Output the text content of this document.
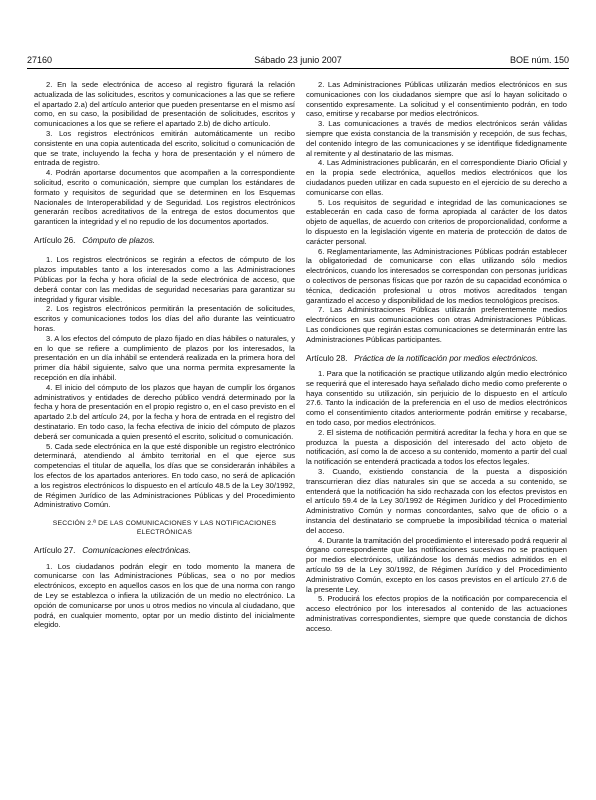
27160	Sábado 23 junio 2007	BOE núm. 150

2. En la sede electrónica de acceso al registro figurará la relación actualizada de las solicitudes, escritos y comunicaciones a las que se refiere el apartado 2.a) del artículo anterior que pueden presentarse en el mismo así como, en su caso, la posibilidad de presentación de solicitudes, escritos y comunicaciones a los que se refiere el apartado 2.b) de dicho artículo.

3. Los registros electrónicos emitirán automáticamente un recibo consistente en una copia autenticada del escrito, solicitud o comunicación de que se trate, incluyendo la fecha y hora de presentación y el número de entrada de registro.

4. Podrán aportarse documentos que acompañen a la correspondiente solicitud, escrito o comunicación, siempre que cumplan los estándares de formato y requisitos de seguridad que se determinen en los Esquemas Nacionales de Interoperabilidad y de Seguridad. Los registros electrónicos generarán recibos acreditativos de la entrega de estos documentos que garanticen la integridad y el no repudio de los documentos aportados.

Artículo 26. Cómputo de plazos.

1. Los registros electrónicos se regirán a efectos de cómputo de los plazos imputables tanto a los interesados como a las Administraciones Públicas por la fecha y hora oficial de la sede electrónica de acceso, que deberá contar con las medidas de seguridad necesarias para garantizar su integridad y figurar visible.

2. Los registros electrónicos permitirán la presentación de solicitudes, escritos y comunicaciones todos los días del año durante las veinticuatro horas.

3. A los efectos del cómputo de plazo fijado en días hábiles o naturales, y en lo que se refiere a cumplimiento de plazos por los interesados, la presentación en un día inhábil se entenderá realizada en la primera hora del primer día hábil siguiente, salvo que una norma permita expresamente la recepción en día inhábil.

4. El inicio del cómputo de los plazos que hayan de cumplir los órganos administrativos y entidades de derecho público vendrá determinado por la fecha y hora de presentación en el propio registro o, en el caso previsto en el apartado 2.b del artículo 24, por la fecha y hora de entrada en el registro del destinatario. En todo caso, la fecha efectiva de inicio del cómputo de plazos deberá ser comunicada a quien presentó el escrito, solicitud o comunicación.

5. Cada sede electrónica en la que esté disponible un registro electrónico determinará, atendiendo al ámbito territorial en el que ejerce sus competencias el titular de aquella, los días que se considerarán inhábiles a los efectos de los apartados anteriores. En todo caso, no será de aplicación a los registros electrónicos lo dispuesto en el artículo 48.5 de la Ley 30/1992, de Régimen Jurídico de las Administraciones Públicas y del Procedimiento Administrativo Común.

SECCIÓN 2.ª DE LAS COMUNICACIONES Y LAS NOTIFICACIONES
ELECTRÓNICAS
Artículo 27. Comunicaciones electrónicas.

1. Los ciudadanos podrán elegir en todo momento la manera de comunicarse con las Administraciones Públicas, sea o no por medios electrónicos, excepto en aquellos casos en los que de una norma con rango de Ley se establezca o infiera la utilización de un medio no electrónico. La opción de comunicarse por unos u otros medios no vincula al ciudadano, que podrá, en cualquier momento, optar por un medio distinto del inicialmente elegido.

2. Las Administraciones Públicas utilizarán medios electrónicos en sus comunicaciones con los ciudadanos siempre que así lo hayan solicitado o consentido expresamente. La solicitud y el consentimiento podrán, en todo caso, emitirse y recabarse por medios electrónicos.

3. Las comunicaciones a través de medios electrónicos serán válidas siempre que exista constancia de la transmisión y recepción, de sus fechas, del contenido íntegro de las comunicaciones y se identifique fidedignamente al remitente y al destinatario de las mismas.

4. Las Administraciones publicarán, en el correspondiente Diario Oficial y en la propia sede electrónica, aquellos medios electrónicos que los ciudadanos pueden utilizar en cada supuesto en el ejercicio de su derecho a comunicarse con ellas.

5. Los requisitos de seguridad e integridad de las comunicaciones se establecerán en cada caso de forma apropiada al carácter de los datos objeto de aquellas, de acuerdo con criterios de proporcionalidad, conforme a lo dispuesto en la legislación vigente en materia de protección de datos de carácter personal.

6. Reglamentariamente, las Administraciones Públicas podrán establecer la obligatoriedad de comunicarse con ellas utilizando sólo medios electrónicos, cuando los interesados se correspondan con personas jurídicas o colectivos de personas físicas que por razón de su capacidad económica o técnica, dedicación profesional u otros motivos acreditados tengan garantizado el acceso y disponibilidad de los medios tecnológicos precisos.

7. Las Administraciones Públicas utilizarán preferentemente medios electrónicos en sus comunicaciones con otras Administraciones Públicas. Las condiciones que regirán estas comunicaciones se determinarán entre las Administraciones Públicas participantes.

Artículo 28. Práctica de la notificación por medios electrónicos.

1. Para que la notificación se practique utilizando algún medio electrónico se requerirá que el interesado haya señalado dicho medio como preferente o haya consentido su utilización, sin perjuicio de lo dispuesto en el artículo 27.6. Tanto la indicación de la preferencia en el uso de medios electrónicos como el consentimiento citados anteriormente podrán emitirse y recabarse, en todo caso, por medios electrónicos.

2. El sistema de notificación permitirá acreditar la fecha y hora en que se produzca la puesta a disposición del interesado del acto objeto de notificación, así como la de acceso a su contenido, momento a partir del cual la notificación se entenderá practicada a todos los efectos legales.

3. Cuando, existiendo constancia de la puesta a disposición transcurrieran diez días naturales sin que se acceda a su contenido, se entenderá que la notificación ha sido rechazada con los efectos previstos en el artículo 59.4 de la Ley 30/1992 de Régimen Jurídico y del Procedimiento Administrativo Común y normas concordantes, salvo que de oficio o a instancia del destinatario se compruebe la imposibilidad técnica o material del acceso.

4. Durante la tramitación del procedimiento el interesado podrá requerir al órgano correspondiente que las notificaciones sucesivas no se practiquen por medios electrónicos, utilizándose los demás medios admitidos en el artículo 59 de la Ley 30/1992, de Régimen Jurídico y del Procedimiento Administrativo Común, excepto en los casos previstos en el artículo 27.6 de la presente Ley.

5. Producirá los efectos propios de la notificación por comparecencia el acceso electrónico por los interesados al contenido de las actuaciones administrativas correspondientes, siempre que quede constancia de dichos acceso.
